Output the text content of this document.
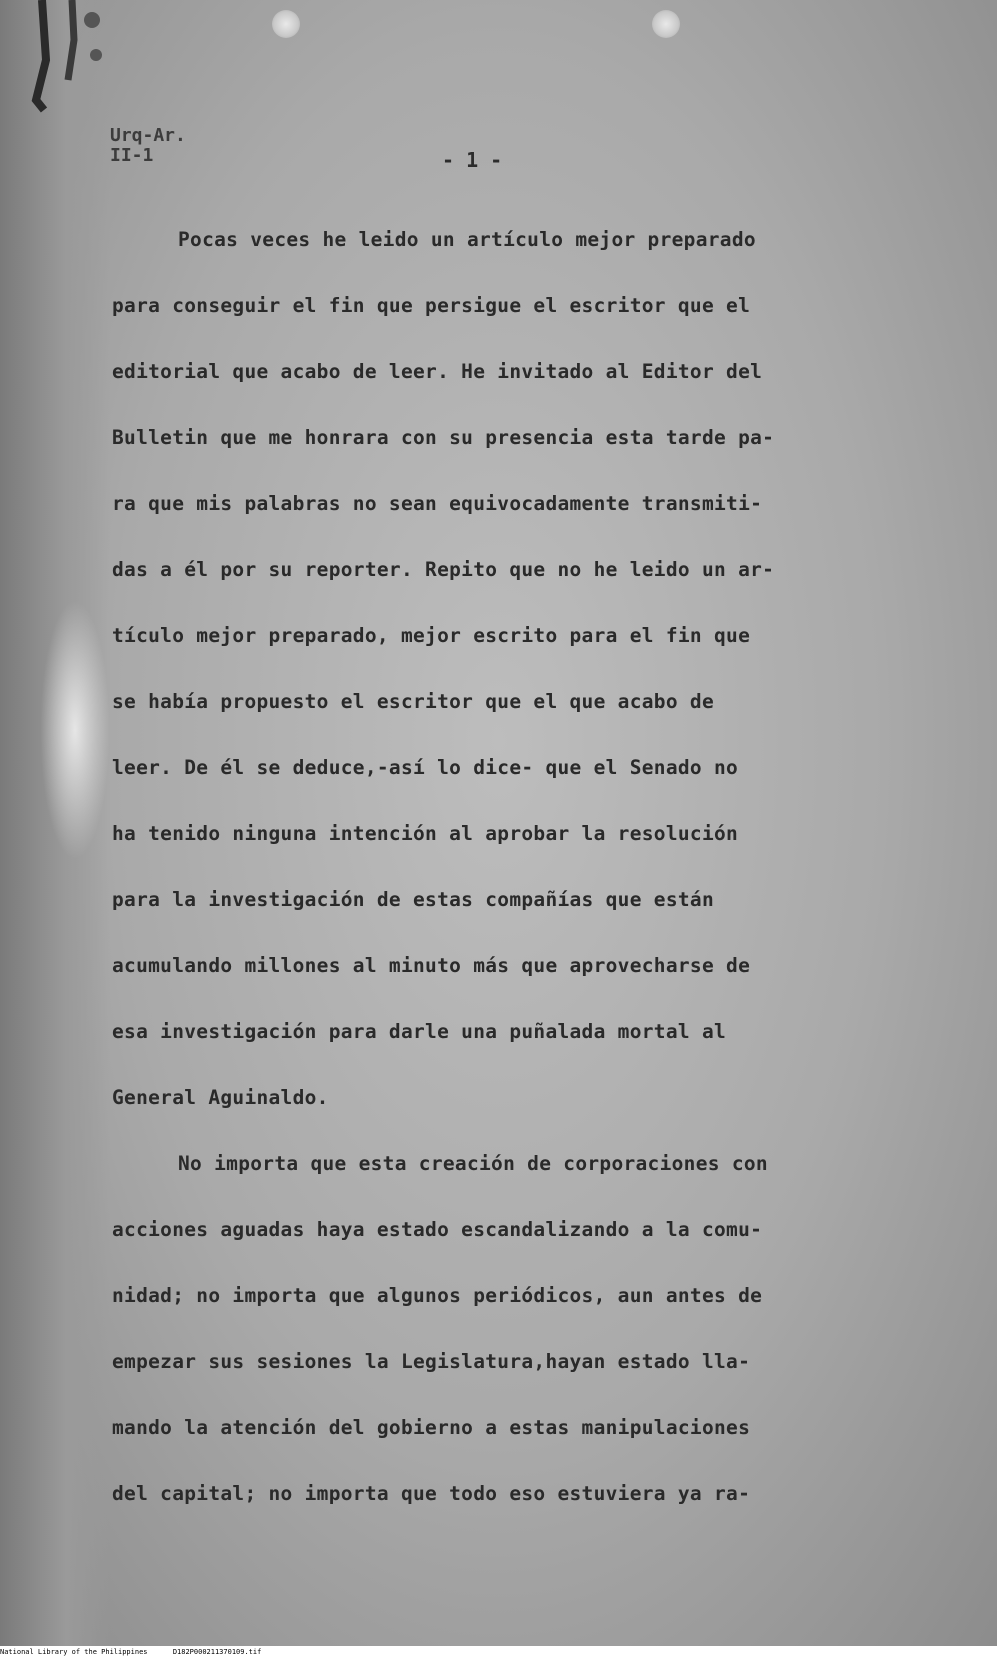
Urq-Ar.
II-1	- 1 -
Pocas veces he leido un artículo mejor preparado
para conseguir el fin que persigue el escritor que el
editorial que acabo de leer. He invitado al Editor del
Bulletin que me honrara con su presencia esta tarde pa-
ra que mis palabras no sean equivocadamente transmiti-
das a él por su reporter. Repito que no he leido un ar-
tículo mejor preparado, mejor escrito para el fin que
se había propuesto el escritor que el que acabo de
leer. De él se deduce,-así lo dice- que el Senado no
ha tenido ninguna intención al aprobar la resolución
para la investigación de estas compañías que están
acumulando millones al minuto más que aprovecharse de
esa investigación para darle una puñalada mortal al
General Aguinaldo.
No importa que esta creación de corporaciones con
acciones aguadas haya estado escandalizando a la comu-
nidad; no importa que algunos periódicos, aun antes de
empezar sus sesiones la Legislatura,hayan estado lla-
mando la atención del gobierno a estas manipulaciones
del capital; no importa que todo eso estuviera ya ra-
National Library of the Philippines	D182P000211370109.tif
